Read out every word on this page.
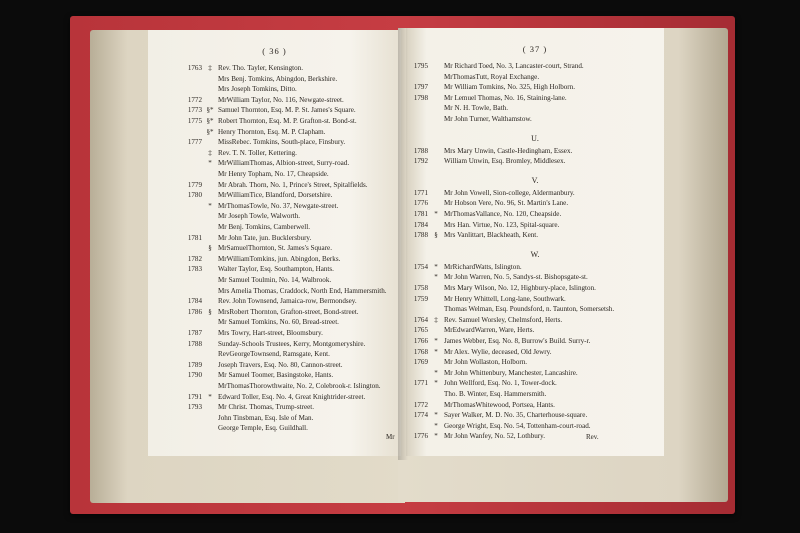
( 36 )
Mr
1763 ‡ Rev. Tho. Tayler, Kensington.
Mrs Benj. Tomkins, Abingdon, Berkshire.
Mrs Joseph Tomkins, Ditto.
1772 MrWilliam Taylor, No. 116, Newgate-street.
1773 §* Samuel Thornton, Esq. M. P. St. James's Square.
1775 §* Robert Thornton, Esq. M. P. Grafton-st. Bond-st.
§* Henry Thornton, Esq. M. P. Clapham.
1777 MissRebec. Tomkins, South-place, Finsbury.
‡ Rev. T. N. Toller, Kettering.
* MrWilliamThomas, Albion-street, Surry-road.
Mr Henry Topham, No. 17, Cheapside.
1779 Mr Abrah. Thorn, No. 1, Prince's Street, Spitalfields.
1780 MrWilliamTice, Blandford, Dorsetshire.
* MrThomasTowle, No. 37, Newgate-street.
Mr Joseph Towle, Walworth.
Mr Benj. Tomkins, Camberwell.
1781 Mr John Tate, jun. Bucklersbury.
§ MrSamuelThornton, St. James's Square.
1782 MrWilliamTomkins, jun. Abingdon, Berks.
1783 Walter Taylor, Esq. Southampton, Hants.
Mr Samuel Toulmin, No. 14, Walbrook.
Mrs Amelia Thomas, Craddock, North End, Hammersmith.
1784 Rev. John Townsend, Jamaica-row, Bermondsey.
1786 § MrsRobert Thornton, Grafton-street, Bond-street.
Mr Samuel Tomkins, No. 60, Bread-street.
1787 Mrs Towry, Hart-street, Bloomsbury.
1788 Sunday-Schools Trustees, Kerry, Montgomeryshire.
RevGeorgeTownsend, Ramsgate, Kent.
1789 Joseph Travers, Esq. No. 80, Cannon-street.
1790 Mr Samuel Toomer, Basingstoke, Hants.
MrThomasThorowthwaite, No. 2, Colebrook-r. Islington.
1791 * Edward Toller, Esq. No. 4, Great Knightrider-street.
1793 Mr Christ. Thomas, Trump-street.
John Tinsbman, Esq. Isle of Man.
George Temple, Esq. Guildhall.
( 37 )
Rev.
1795 Mr Richard Toed, No. 3, Lancaster-court, Strand.
MrThomasTutt, Royal Exchange.
1797 Mr William Tomkins, No. 325, High Holborn.
1798 Mr Lemuel Thomas, No. 16, Staining-lane.
Mr N. H. Towle, Bath.
Mr John Turner, Walthamstow.
U.
1788 Mrs Mary Unwin, Castle-Hedingham, Essex.
1792 William Unwin, Esq. Bromley, Middlesex.
V.
1771 Mr John Vowell, Sion-college, Aldermanbury.
1776 Mr Hobson Vere, No. 96, St. Martin's Lane.
1781 * MrThomasVallance, No. 120, Cheapside.
1784 Mrs Han. Virtue, No. 123, Spital-square.
1788 § Mrs Vanlittart, Blackheath, Kent.
W.
1754 * MrRichardWatts, Islington.
* Mr John Warren, No. 5, Sandys-st. Bishopsgate-st.
1758 Mrs Mary Wilson, No. 12, Highbury-place, Islington.
1759 Mr Henry Whittell, Long-lane, Southwark.
Thomas Welman, Esq. Poundsford, n. Taunton, Somersetsh.
1764 ‡ Rev. Samuel Worsley, Chelmsford, Herts.
1765 MrEdwardWarren, Ware, Herts.
1766 * James Webber, Esq. No. 8, Burrow's Build. Surry-r.
1768 * Mr Alex. Wylie, deceased, Old Jewry.
1769 Mr John Wollaston, Holborn.
* Mr John Whittenbury, Manchester, Lancashire.
1771 * John Wellford, Esq. No. 1, Tower-dock.
Tho. B. Winter, Esq. Hammersmith.
1772 MrThomasWhitewood, Portsea, Hants.
1774 * Sayer Walker, M. D. No. 35, Charterhouse-square.
* George Wright, Esq. No. 54, Tottenham-court-road.
1776 * Mr John Wanfey, No. 52, Lothbury.
